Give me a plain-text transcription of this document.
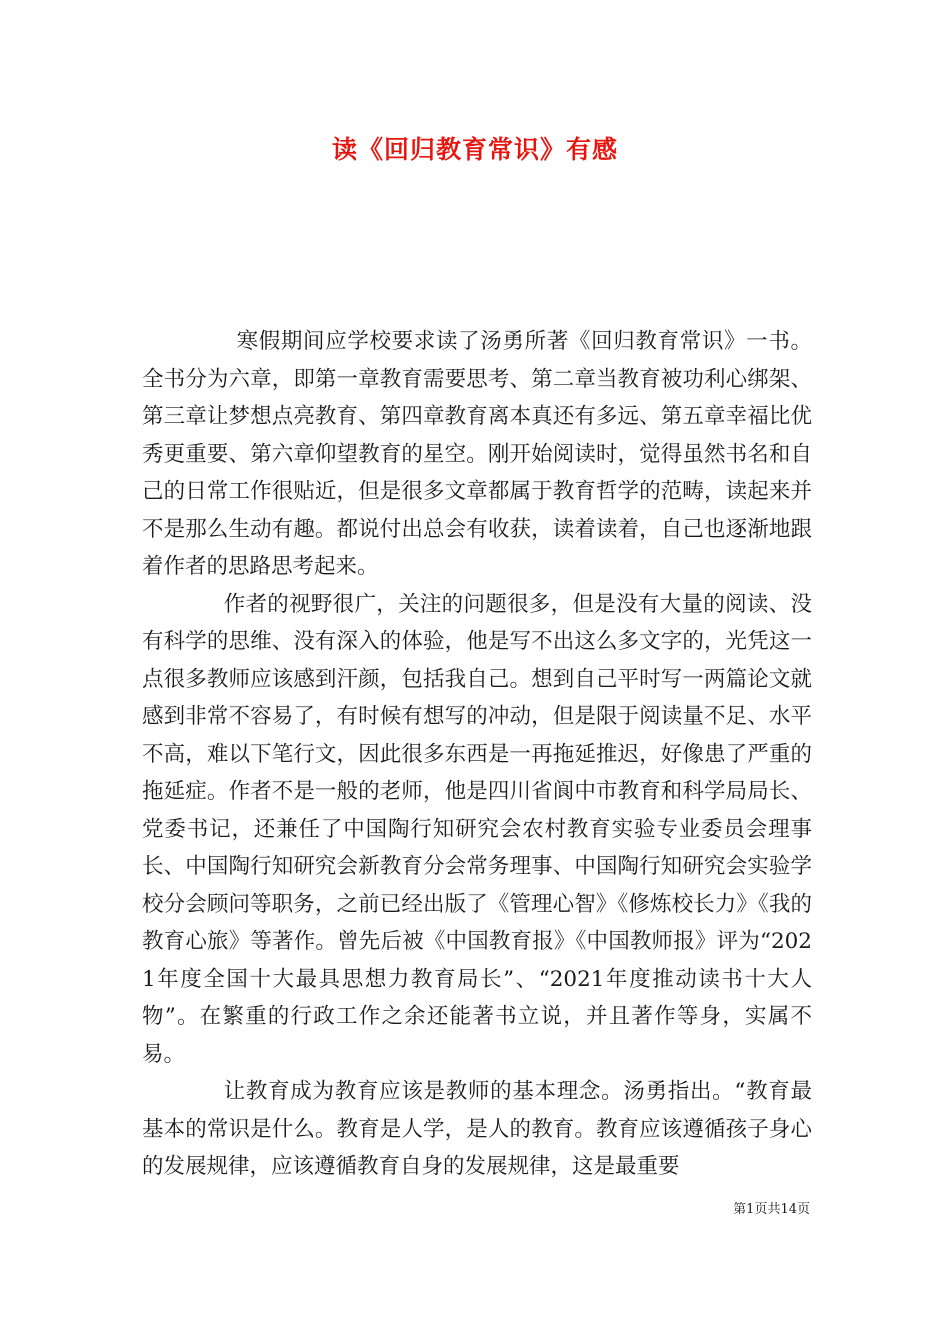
读《回归教育常识》有感

寒假期间应学校要求读了汤勇所著《回归教育常识》一书。全书分为六章，即第一章教育需要思考、第二章当教育被功利心绑架、第三章让梦想点亮教育、第四章教育离本真还有多远、第五章幸福比优秀更重要、第六章仰望教育的星空。刚开始阅读时，觉得虽然书名和自己的日常工作很贴近，但是很多文章都属于教育哲学的范畴，读起来并不是那么生动有趣。都说付出总会有收获，读着读着，自己也逐渐地跟着作者的思路思考起来。

作者的视野很广，关注的问题很多，但是没有大量的阅读、没有科学的思维、没有深入的体验，他是写不出这么多文字的，光凭这一点很多教师应该感到汗颜，包括我自己。想到自己平时写一两篇论文就感到非常不容易了，有时候有想写的冲动，但是限于阅读量不足、水平不高，难以下笔行文，因此很多东西是一再拖延推迟，好像患了严重的拖延症。作者不是一般的老师，他是四川省阆中市教育和科学局局长、党委书记，还兼任了中国陶行知研究会农村教育实验专业委员会理事长、中国陶行知研究会新教育分会常务理事、中国陶行知研究会实验学校分会顾问等职务，之前已经出版了《管理心智》《修炼校长力》《我的教育心旅》等著作。曾先后被《中国教育报》《中国教师报》评为“2021年度全国十大最具思想力教育局长”、“2021年度推动读书十大人物”。在繁重的行政工作之余还能著书立说，并且著作等身，实属不易。

让教育成为教育应该是教师的基本理念。汤勇指出。“教育最基本的常识是什么。教育是人学，是人的教育。教育应该遵循孩子身心的发展规律，应该遵循教育自身的发展规律，这是最重要

第1页共14页
